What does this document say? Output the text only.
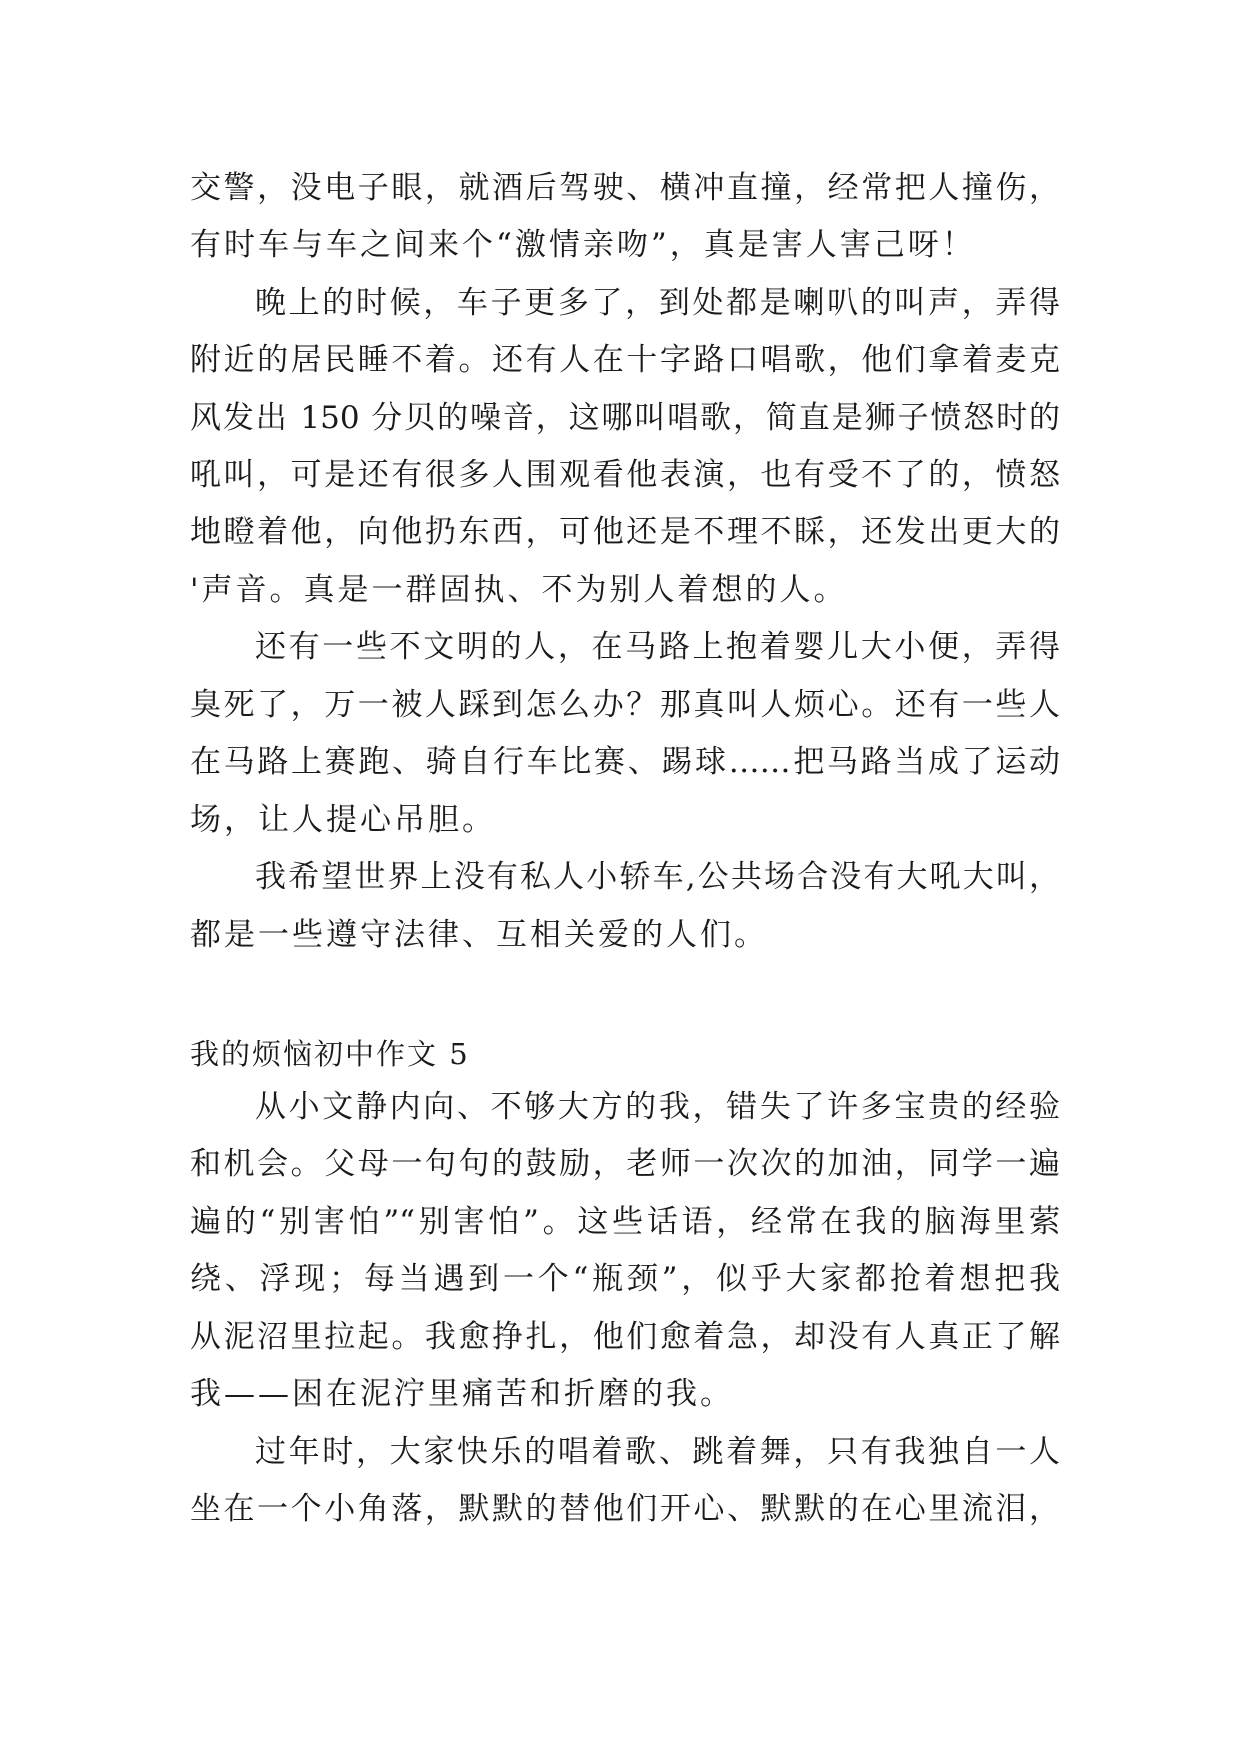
交警，没电子眼，就酒后驾驶、横冲直撞，经常把人撞伤，
有时车与车之间来个“激情亲吻”，真是害人害己呀！
晚上的时候，车子更多了，到处都是喇叭的叫声，弄得
附近的居民睡不着。还有人在十字路口唱歌，他们拿着麦克
风发出 150 分贝的噪音，这哪叫唱歌，简直是狮子愤怒时的
吼叫，可是还有很多人围观看他表演，也有受不了的，愤怒
地瞪着他，向他扔东西，可他还是不理不睬，还发出更大的
'声音。真是一群固执、不为别人着想的人。
还有一些不文明的人，在马路上抱着婴儿大小便，弄得
臭死了，万一被人踩到怎么办？那真叫人烦心。还有一些人
在马路上赛跑、骑自行车比赛、踢球……把马路当成了运动
场，让人提心吊胆。
我希望世界上没有私人小轿车,公共场合没有大吼大叫，
都是一些遵守法律、互相关爱的人们。
我的烦恼初中作文 5
从小文静内向、不够大方的我，错失了许多宝贵的经验
和机会。父母一句句的鼓励，老师一次次的加油，同学一遍
遍的“别害怕”“别害怕”。这些话语，经常在我的脑海里萦
绕、浮现；每当遇到一个“瓶颈”，似乎大家都抢着想把我
从泥沼里拉起。我愈挣扎，他们愈着急，却没有人真正了解
我——困在泥泞里痛苦和折磨的我。
过年时，大家快乐的唱着歌、跳着舞，只有我独自一人
坐在一个小角落，默默的替他们开心、默默的在心里流泪，
